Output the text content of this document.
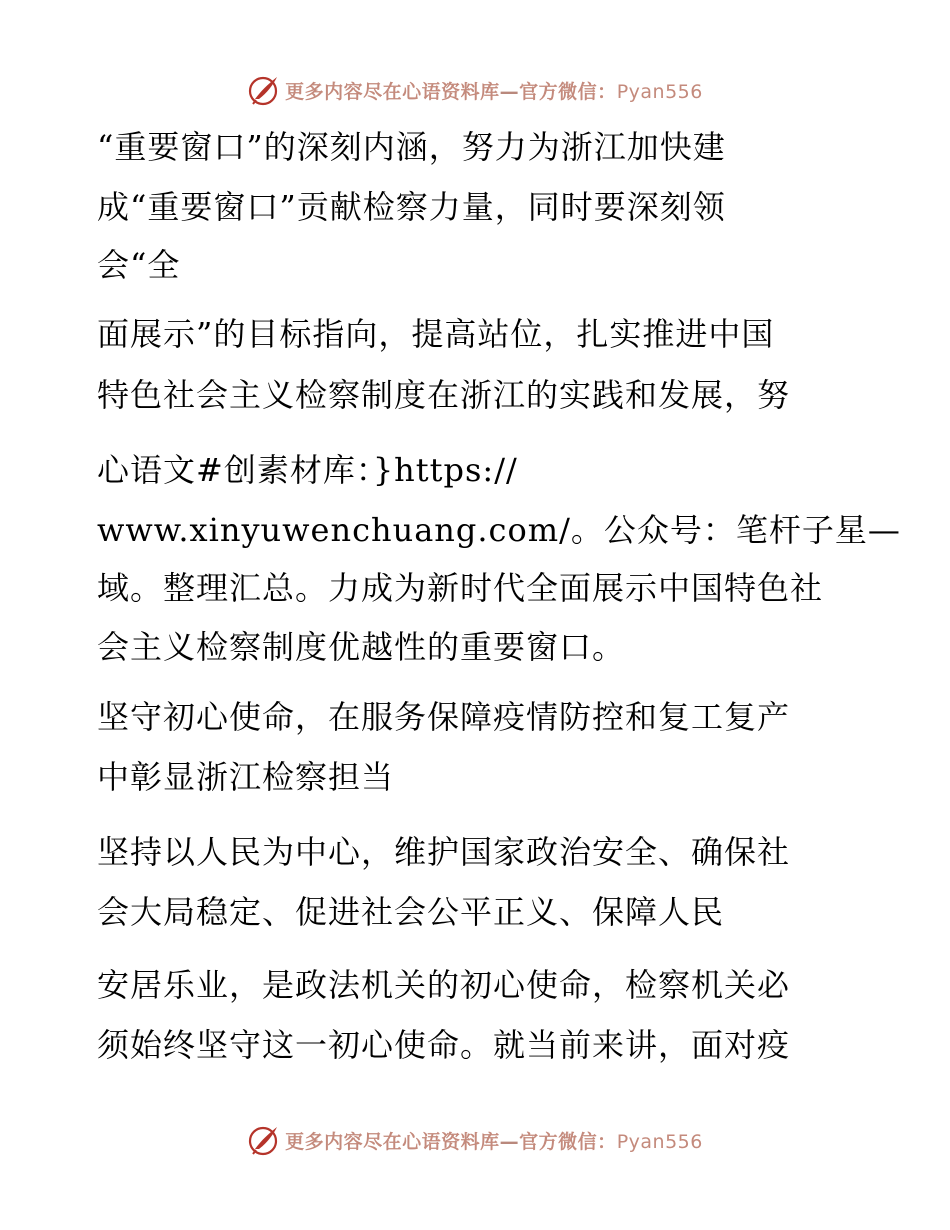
更多内容尽在心语资料库—官方微信：Pyan556
“重要窗口”的深刻内涵，努力为浙江加快建
成“重要窗口”贡献检察力量，同时要深刻领
会“全
面展示”的目标指向，提高站位，扎实推进中国
特色社会主义检察制度在浙江的实践和发展，努
心语文#创素材库：}https://
www.xinyuwenchuang.com/。公众号：笔杆子星—
域。整理汇总。力成为新时代全面展示中国特色社
会主义检察制度优越性的重要窗口。
坚守初心使命，在服务保障疫情防控和复工复产
中彰显浙江检察担当
坚持以人民为中心，维护国家政治安全、确保社
会大局稳定、促进社会公平正义、保障人民
安居乐业，是政法机关的初心使命，检察机关必
须始终坚守这一初心使命。就当前来讲，面对疫
更多内容尽在心语资料库—官方微信：Pyan556
